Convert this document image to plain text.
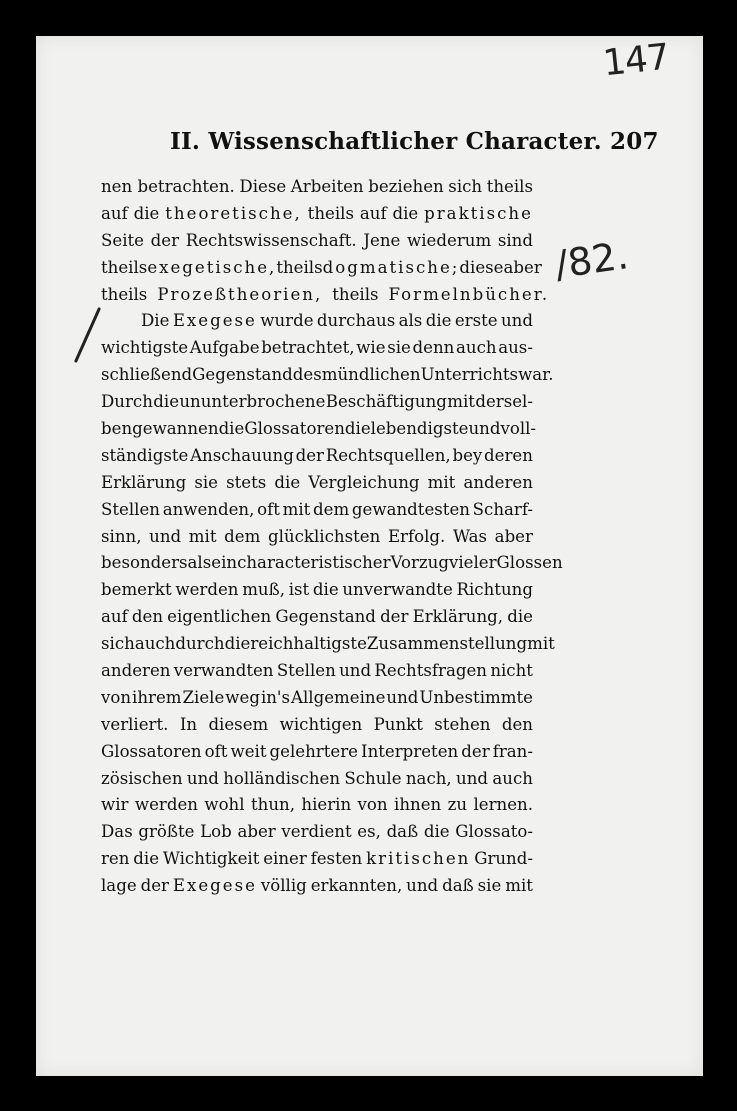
147
II. Wissenschaftlicher Character. 207
/82.
nen betrachten. Diese Arbeiten beziehen sich theils
auf die theoretische, theils auf die praktische
Seite der Rechtswissenschaft. Jene wiederum sind
theils exegetische, theils dogmatische; diese aber
theils Prozeßtheorien, theils Formelnbücher.
Die Exegese wurde durchaus als die erste und
wichtigste Aufgabe betrachtet, wie sie denn auch aus-
schließend Gegenstand des mündlichen Unterrichts war.
Durch die ununterbrochene Beschäftigung mit dersel-
ben gewannen die Glossatoren die lebendigste und voll-
ständigste Anschauung der Rechtsquellen, bey deren
Erklärung sie stets die Vergleichung mit anderen
Stellen anwenden, oft mit dem gewandtesten Scharf-
sinn, und mit dem glücklichsten Erfolg. Was aber
besonders als ein characteristischer Vorzug vieler Glossen
bemerkt werden muß, ist die unverwandte Richtung
auf den eigentlichen Gegenstand der Erklärung, die
sich auch durch die reichhaltigste Zusammenstellung mit
anderen verwandten Stellen und Rechtsfragen nicht
von ihrem Ziele weg in's Allgemeine und Unbestimmte
verliert. In diesem wichtigen Punkt stehen den
Glossatoren oft weit gelehrtere Interpreten der fran-
zösischen und holländischen Schule nach, und auch
wir werden wohl thun, hierin von ihnen zu lernen.
Das größte Lob aber verdient es, daß die Glossato-
ren die Wichtigkeit einer festen kritischen Grund-
lage der Exegese völlig erkannten, und daß sie mit
